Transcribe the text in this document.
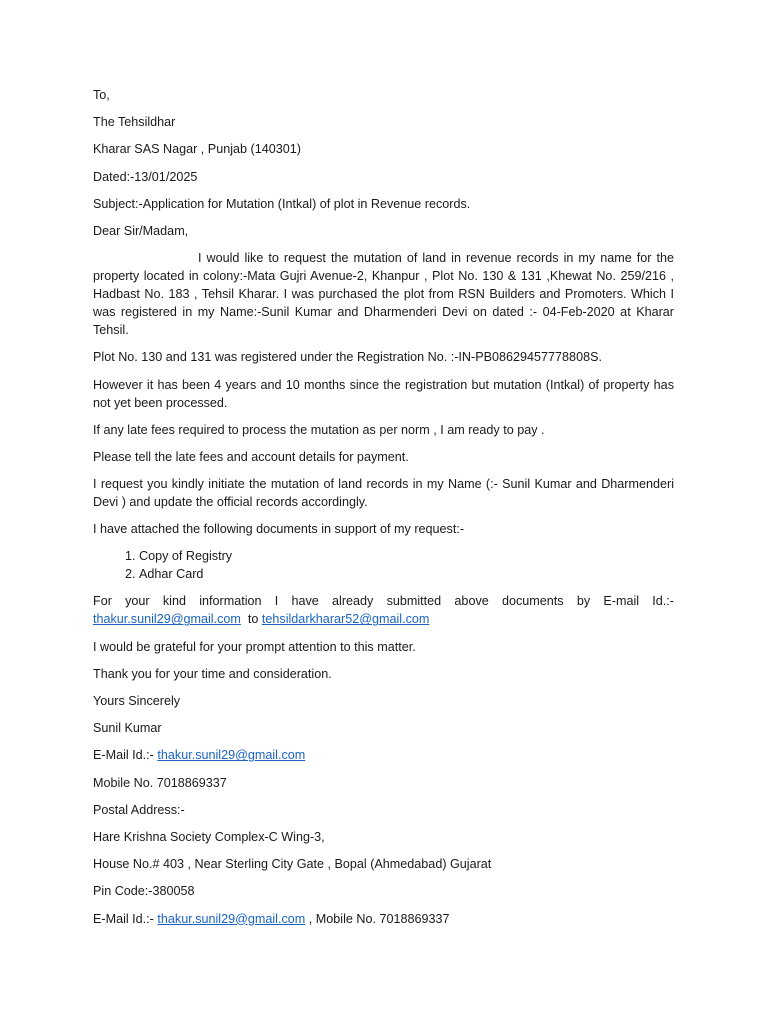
To,

The Tehsildhar

Kharar SAS Nagar , Punjab (140301)

Dated:-13/01/2025

Subject:-Application for Mutation (Intkal) of plot in Revenue records.

Dear Sir/Madam,

I would like to request the mutation of land in revenue records in my name for the property located in colony:-Mata Gujri Avenue-2, Khanpur , Plot No. 130 & 131 ,Khewat No. 259/216 , Hadbast No. 183 , Tehsil Kharar. I was purchased the plot from RSN Builders and Promoters. Which I was registered in my Name:-Sunil Kumar and Dharmenderi Devi on dated :- 04-Feb-2020 at Kharar Tehsil.

Plot No. 130 and 131 was registered under the Registration No. :-IN-PB08629457778808S.

However it has been 4 years and 10 months since the registration but mutation (Intkal) of property has not yet been processed.

If any late fees required to process the mutation as per norm , I am ready to pay .

Please tell the late fees and account details for payment.

I request you kindly initiate the mutation of land records in my Name (:- Sunil Kumar and Dharmenderi Devi ) and update the official records accordingly.

I have attached the following documents in support of my request:-

1. Copy of Registry
2. Adhar Card

For your kind information I have already submitted above documents by E-mail Id.:- thakur.sunil29@gmail.com to tehsildarkharar52@gmail.com

I would be grateful for your prompt attention to this matter.

Thank you for your time and consideration.

Yours Sincerely

Sunil Kumar

E-Mail Id.:- thakur.sunil29@gmail.com

Mobile No. 7018869337

Postal Address:-

Hare Krishna Society Complex-C Wing-3,

House No.# 403 , Near Sterling City Gate , Bopal (Ahmedabad) Gujarat

Pin Code:-380058

E-Mail Id.:- thakur.sunil29@gmail.com , Mobile No. 7018869337
